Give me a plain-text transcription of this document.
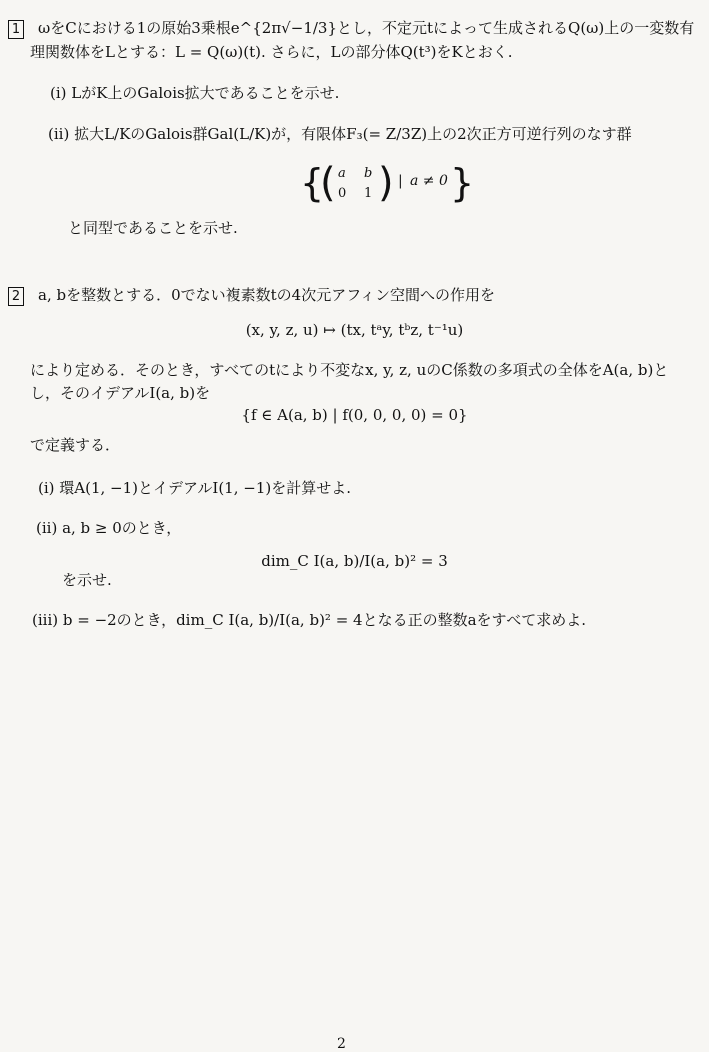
1 ωをCにおける1の原始3乗根e^{2π√−1/3}とし，不定元tによって生成されるQ(ω)上の一変数有
理関数体をLとする：L = Q(ω)(t). さらに，Lの部分体Q(t³)をKとおく.
(i) LがK上のGalois拡大であることを示せ.
(ii) 拡大L/KのGalois群Gal(L/K)が，有限体F₃(= Z/3Z)上の2次正方可逆行列のなす群
{
( a b
0 1 ) | a ≠ 0 }
と同型であることを示せ.
2 a, bを整数とする．0でない複素数tの4次元アフィン空間への作用を
(x, y, z, u) ↦ (tx, tᵃy, tᵇz, t⁻¹u)
により定める．そのとき，すべてのtにより不変なx, y, z, uのC係数の多項式の全体をA(a, b)と
し，そのイデアルI(a, b)を
{f ∈ A(a, b) | f(0, 0, 0, 0) = 0}
で定義する．
(i) 環A(1, −1)とイデアルI(1, −1)を計算せよ.
(ii) a, b ≥ 0のとき，
dim_C I(a, b)/I(a, b)² = 3
を示せ.
(iii) b = −2のとき，dim_C I(a, b)/I(a, b)² = 4となる正の整数aをすべて求めよ.
2
